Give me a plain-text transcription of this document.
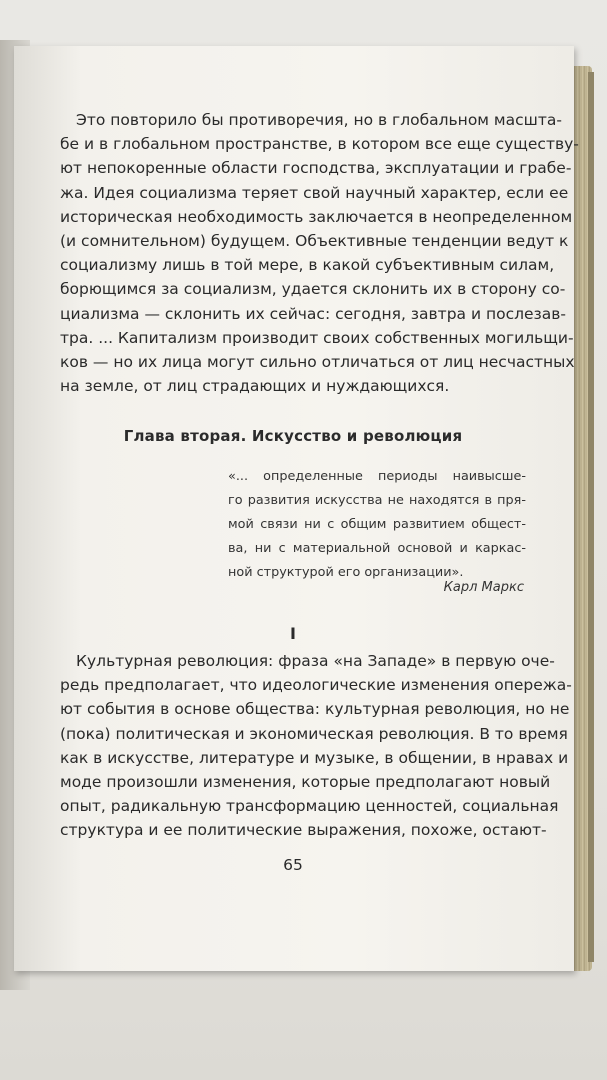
Это повторило бы противоречия, но в глобальном масшта-
бе и в глобальном пространстве, в котором все еще существу-
ют непокоренные области господства, эксплуатации и грабе-
жа. Идея социализма теряет свой научный характер, если ее
историческая необходимость заключается в неопределенном
(и сомнительном) будущем. Объективные тенденции ведут к
социализму лишь в той мере, в какой субъективным силам,
борющимся за социализм, удается склонить их в сторону со-
циализма — склонить их сейчас: сегодня, завтра и послезав-
тра. ... Капитализм производит своих собственных могильщи-
ков — но их лица могут сильно отличаться от лиц несчастных
на земле, от лиц страдающих и нуждающихся.
Глава вторая. Искусство и революция
«... определенные периоды наивысше-
го развития искусства не находятся в пря-
мой связи ни с общим развитием общест-
ва, ни с материальной основой и каркас-
ной структурой его организации».
Карл Маркс
I
Культурная революция: фраза «на Западе» в первую оче-
редь предполагает, что идеологические изменения опережа-
ют события в основе общества: культурная революция, но не
(пока) политическая и экономическая революция. В то время
как в искусстве, литературе и музыке, в общении, в нравах и
моде произошли изменения, которые предполагают новый
опыт, радикальную трансформацию ценностей, социальная
структура и ее политические выражения, похоже, остают-
65
